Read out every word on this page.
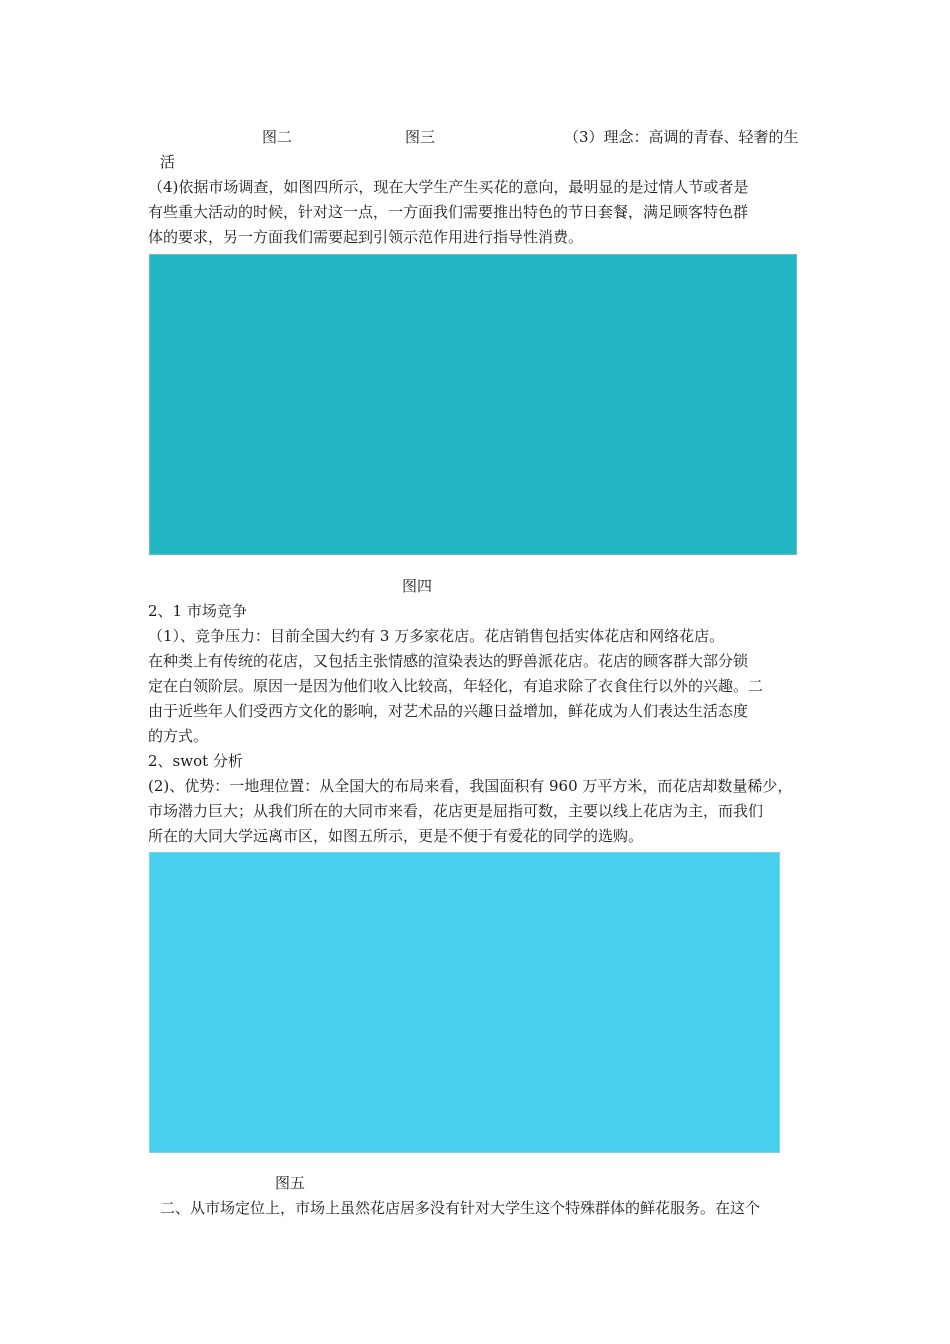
图二	图三	（3）理念：高调的青春、轻奢的生
活
（4)依据市场调查，如图四所示，现在大学生产生买花的意向，最明显的是过情人节或者是
有些重大活动的时候，针对这一点，一方面我们需要推出特色的节日套餐，满足顾客特色群
体的要求，另一方面我们需要起到引领示范作用进行指导性消费。
图四
2、1 市场竞争
（1）、竞争压力：目前全国大约有 3 万多家花店。花店销售包括实体花店和网络花店。
在种类上有传统的花店，又包括主张情感的渲染表达的野兽派花店。花店的顾客群大部分锁
定在白领阶层。原因一是因为他们收入比较高，年轻化，有追求除了衣食住行以外的兴趣。二
由于近些年人们受西方文化的影响，对艺术品的兴趣日益增加，鲜花成为人们表达生活态度
的方式。
2、swot 分析
(2)、优势：一地理位置：从全国大的布局来看，我国面积有 960 万平方米，而花店却数量稀少，
市场潜力巨大；从我们所在的大同市来看，花店更是屈指可数，主要以线上花店为主，而我们
所在的大同大学远离市区，如图五所示，更是不便于有爱花的同学的选购。
图五
二、从市场定位上，市场上虽然花店居多没有针对大学生这个特殊群体的鲜花服务。在这个
